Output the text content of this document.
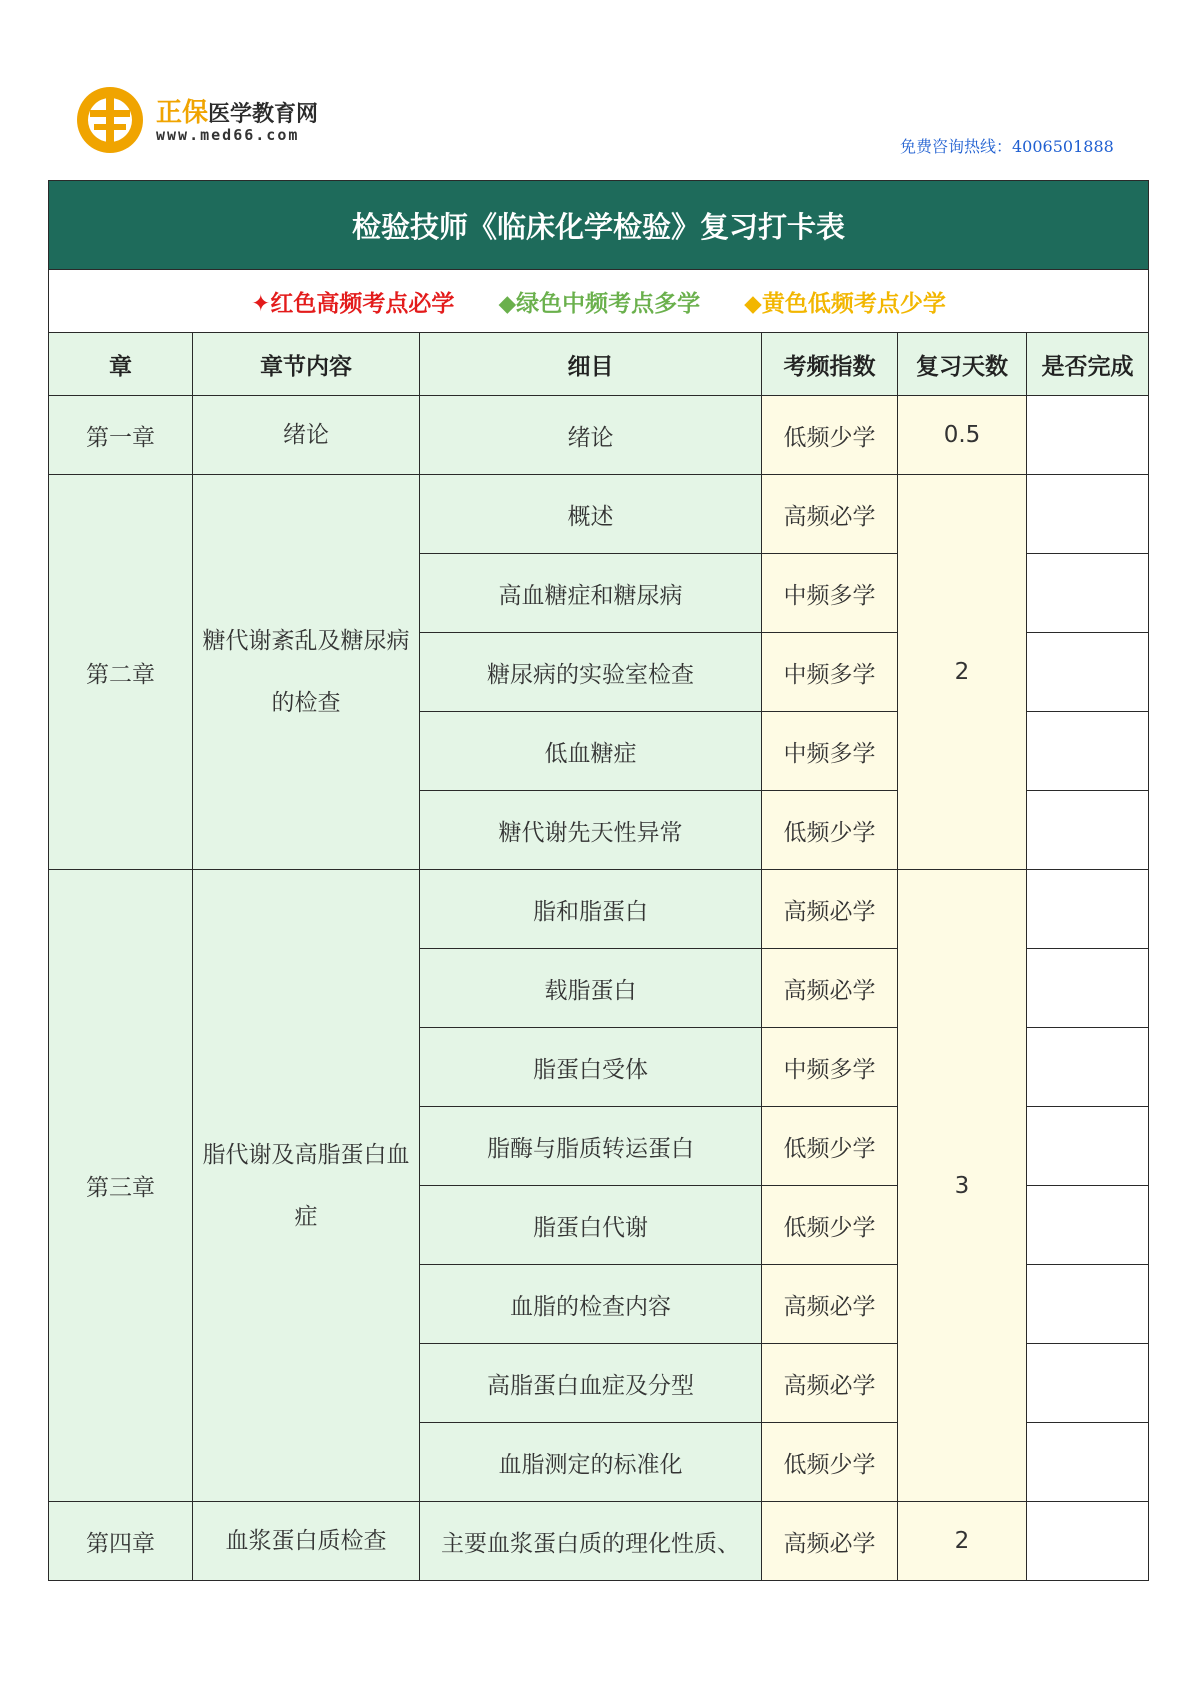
正保医学教育网
www.med66.com
免费咨询热线：4006501888
检验技师《临床化学检验》复习打卡表					
✦红色高频考点必学 ◆绿色中频考点多学 ◆黄色低频考点少学					
章	章节内容	细目	考频指数	复习天数	是否完成
第一章	绪论	绪论	低频少学	0.5	
第二章	糖代谢紊乱及糖尿病的检查	概述	高频必学	2	
		高血糖症和糖尿病	中频多学		
		糖尿病的实验室检查	中频多学		
		低血糖症	中频多学		
		糖代谢先天性异常	低频少学		
第三章	脂代谢及高脂蛋白血症	脂和脂蛋白	高频必学	3	
		载脂蛋白	高频必学		
		脂蛋白受体	中频多学		
		脂酶与脂质转运蛋白	低频少学		
		脂蛋白代谢	低频少学		
		血脂的检查内容	高频必学		
		高脂蛋白血症及分型	高频必学		
		血脂测定的标准化	低频少学		
第四章	血浆蛋白质检查	主要血浆蛋白质的理化性质、	高频必学	2	
